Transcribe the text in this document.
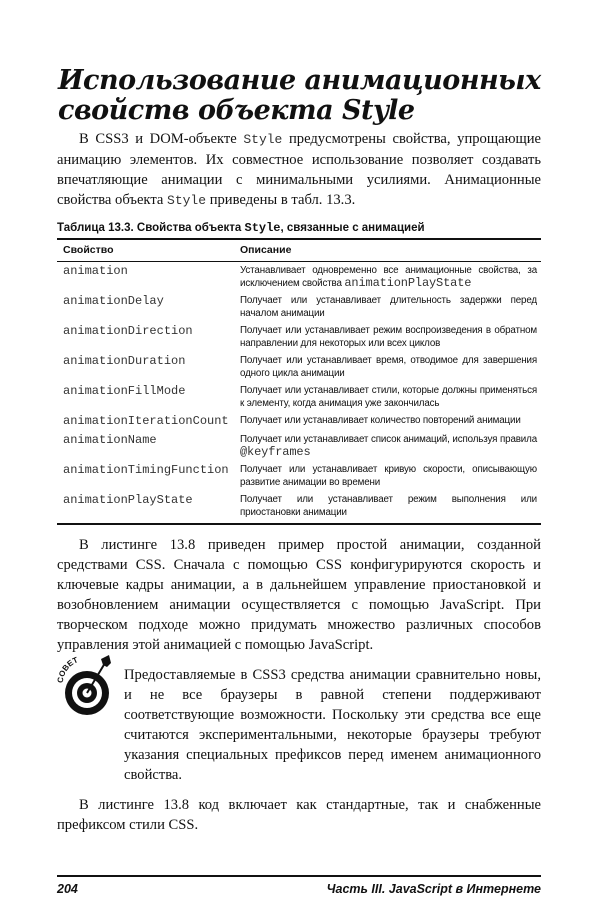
Использование анимационных
свойств объекта Style

В CSS3 и DOM-объекте Style предусмотрены свойства, упрощающие анимацию элементов. Их совместное использование позволяет создавать впечатляющие анимации с минимальными усилиями. Анимационные свойства объекта Style приведены в табл. 13.3.

Таблица 13.3. Свойства объекта Style, связанные с анимацией
Свойство	Описание
animation	Устанавливает одновременно все анимационные свойства, за исключением свойства animationPlayState
animationDelay	Получает или устанавливает длительность задержки перед началом анимации
animationDirection	Получает или устанавливает режим воспроизведения в обратном направлении для некоторых или всех циклов
animationDuration	Получает или устанавливает время, отводимое для завершения одного цикла анимации
animationFillMode	Получает или устанавливает стили, которые должны применяться к элементу, когда анимация уже закончилась
animationIterationCount	Получает или устанавливает количество повторений анимации
animationName	Получает или устанавливает список анимаций, используя правила @keyframes
animationTimingFunction	Получает или устанавливает кривую скорости, описывающую развитие анимации во времени
animationPlayState	Получает или устанавливает режим выполнения или приостановки анимации

В листинге 13.8 приведен пример простой анимации, созданной средствами CSS. Сначала с помощью CSS конфигурируются скорость и ключевые кадры анимации, а в дальнейшем управление приостановкой и возобновлением анимации осуществляется с помощью JavaScript. При творческом подходе можно придумать множество различных способов управления этой анимацией с помощью JavaScript.

СОВЕТ
Предоставляемые в CSS3 средства анимации сравнительно новы, и не все браузеры в равной степени поддерживают соответствующие возможности. Поскольку эти средства все еще считаются экспериментальными, некоторые браузеры требуют указания специальных префиксов перед именем анимационного свойства.

В листинге 13.8 код включает как стандартные, так и снабженные префиксом стили CSS.

204	Часть III. JavaScript в Интернете
